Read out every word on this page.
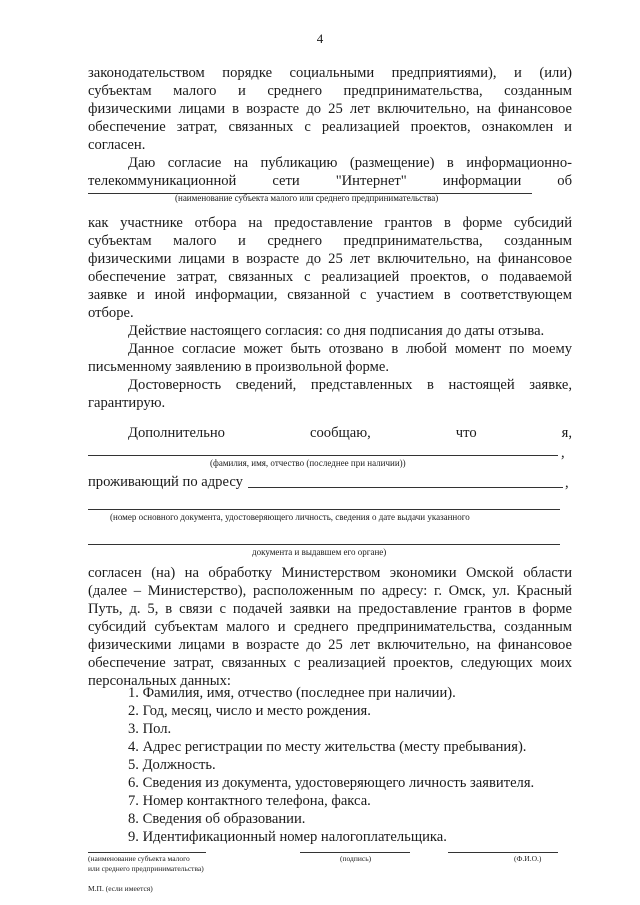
4
законодательством порядке социальными предприятиями), и (или)
субъектам малого и среднего предпринимательства, созданным
физическими лицами в возрасте до 25 лет включительно, на финансовое
обеспечение затрат, связанных с реализацией проектов, ознакомлен и
согласен.
Даю согласие на публикацию (размещение) в информационно-
телекоммуникационной сети "Интернет" информации об
(наименование субъекта малого или среднего предпринимательства)
как участнике отбора на предоставление грантов в форме субсидий
субъектам малого и среднего предпринимательства, созданным
физическими лицами в возрасте до 25 лет включительно, на финансовое
обеспечение затрат, связанных с реализацией проектов, о подаваемой
заявке и иной информации, связанной с участием в соответствующем
отборе.
Действие настоящего согласия: со дня подписания до даты отзыва.
Данное согласие может быть отозвано в любой момент по моему
письменному заявлению в произвольной форме.
Достоверность сведений, представленных в настоящей заявке,
гарантирую.
Дополнительно сообщаю, что я,
,
(фамилия, имя, отчество (последнее при наличии))
проживающий по адресу	,
(номер основного документа, удостоверяющего личность, сведения о дате выдачи указанного
документа и выдавшем его органе)
согласен (на) на обработку Министерством экономики Омской области
(далее – Министерство), расположенным по адресу: г. Омск, ул. Красный
Путь, д. 5, в связи с подачей заявки на предоставление грантов в форме
субсидий субъектам малого и среднего предпринимательства, созданным
физическими лицами в возрасте до 25 лет включительно, на финансовое
обеспечение затрат, связанных с реализацией проектов, следующих моих
персональных данных:
1. Фамилия, имя, отчество (последнее при наличии).
2. Год, месяц, число и место рождения.
3. Пол.
4. Адрес регистрации по месту жительства (месту пребывания).
5. Должность.
6. Сведения из документа, удостоверяющего личность заявителя.
7. Номер контактного телефона, факса.
8. Сведения об образовании.
9. Идентификационный номер налогоплательщика.
(наименование субъекта малого
или среднего предпринимательства)
(подпись)	(Ф.И.О.)
М.П. (если имеется)
